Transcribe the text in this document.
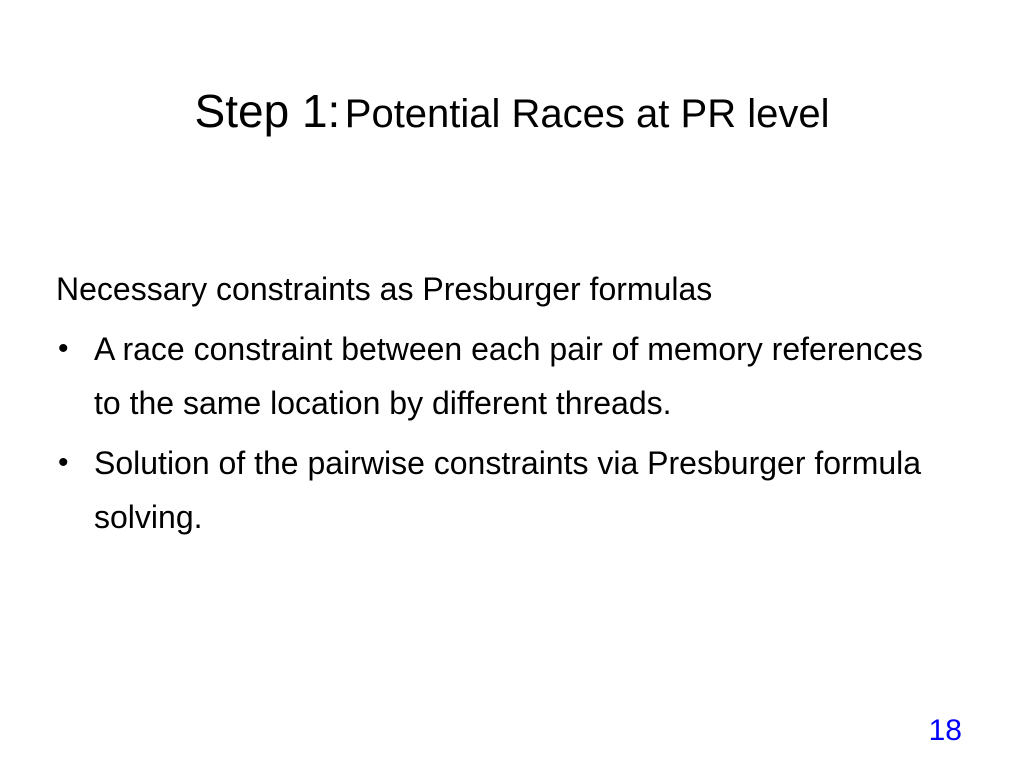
Step 1: Potential Races at PR level

Necessary constraints as Presburger formulas

• A race constraint between each pair of memory references to the same location by different threads.
• Solution of the pairwise constraints via Presburger formula solving.
18
